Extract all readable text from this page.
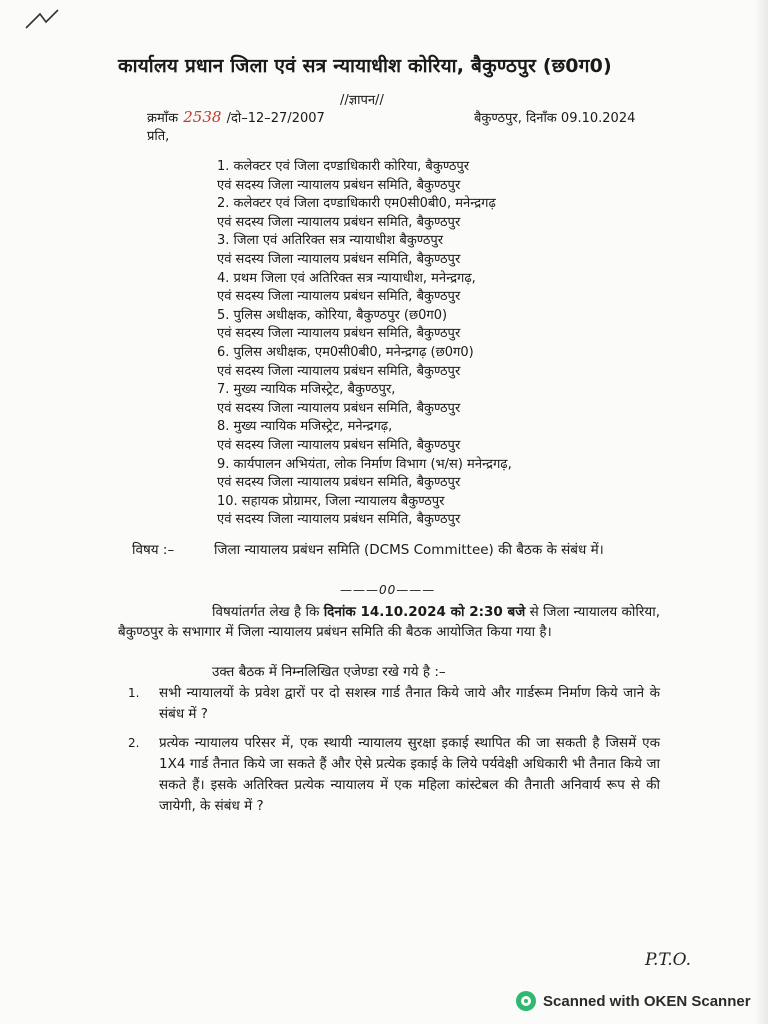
कार्यालय प्रधान जिला एवं सत्र न्यायाधीश कोरिया, बैकुण्ठपुर (छ0ग0)
//ज्ञापन//
क्रमाँक 2538 /दो–12–27/2007	बैकुण्ठपुर, दिनाँक 09.10.2024
प्रति,
1. कलेक्टर एवं जिला दण्डाधिकारी कोरिया, बैकुण्ठपुर
एवं सदस्य जिला न्यायालय प्रबंधन समिति, बैकुण्ठपुर
2. कलेक्टर एवं जिला दण्डाधिकारी एम0सी0बी0, मनेन्द्रगढ़
एवं सदस्य जिला न्यायालय प्रबंधन समिति, बैकुण्ठपुर
3. जिला एवं अतिरिक्त सत्र न्यायाधीश बैकुण्ठपुर
एवं सदस्य जिला न्यायालय प्रबंधन समिति, बैकुण्ठपुर
4. प्रथम जिला एवं अतिरिक्त सत्र न्यायाधीश, मनेन्द्रगढ़,
एवं सदस्य जिला न्यायालय प्रबंधन समिति, बैकुण्ठपुर
5. पुलिस अधीक्षक, कोरिया, बैकुण्ठपुर (छ0ग0)
एवं सदस्य जिला न्यायालय प्रबंधन समिति, बैकुण्ठपुर
6. पुलिस अधीक्षक, एम0सी0बी0, मनेन्द्रगढ़ (छ0ग0)
एवं सदस्य जिला न्यायालय प्रबंधन समिति, बैकुण्ठपुर
7. मुख्य न्यायिक मजिस्ट्रेट, बैकुण्ठपुर,
एवं सदस्य जिला न्यायालय प्रबंधन समिति, बैकुण्ठपुर
8. मुख्य न्यायिक मजिस्ट्रेट, मनेन्द्रगढ़,
एवं सदस्य जिला न्यायालय प्रबंधन समिति, बैकुण्ठपुर
9. कार्यपालन अभियंता, लोक निर्माण विभाग (भ/स) मनेन्द्रगढ़,
एवं सदस्य जिला न्यायालय प्रबंधन समिति, बैकुण्ठपुर
10. सहायक प्रोग्रामर, जिला न्यायालय बैकुण्ठपुर
एवं सदस्य जिला न्यायालय प्रबंधन समिति, बैकुण्ठपुर
विषय :–	जिला न्यायालय प्रबंधन समिति (DCMS Committee) की बैठक के संबंध में।
———00———
विषयांतर्गत लेख है कि दिनांक 14.10.2024 को 2:30 बजे से जिला न्यायालय कोरिया, बैकुण्ठपुर के सभागार में जिला न्यायालय प्रबंधन समिति की बैठक आयोजित किया गया है।
उक्त बैठक में निम्नलिखित एजेण्डा रखे गये है :–
1. सभी न्यायालयों के प्रवेश द्वारों पर दो सशस्त्र गार्ड तैनात किये जाये और गार्डरूम निर्माण किये जाने के संबंध में ?
2. प्रत्येक न्यायालय परिसर में, एक स्थायी न्यायालय सुरक्षा इकाई स्थापित की जा सकती है जिसमें एक 1X4 गार्ड तैनात किये जा सकते हैं और ऐसे प्रत्येक इकाई के लिये पर्यवेक्षी अधिकारी भी तैनात किये जा सकते हैं। इसके अतिरिक्त प्रत्येक न्यायालय में एक महिला कांस्टेबल की तैनाती अनिवार्य रूप से की जायेगी, के संबंध में ?
P.T.O.
Scanned with OKEN Scanner
